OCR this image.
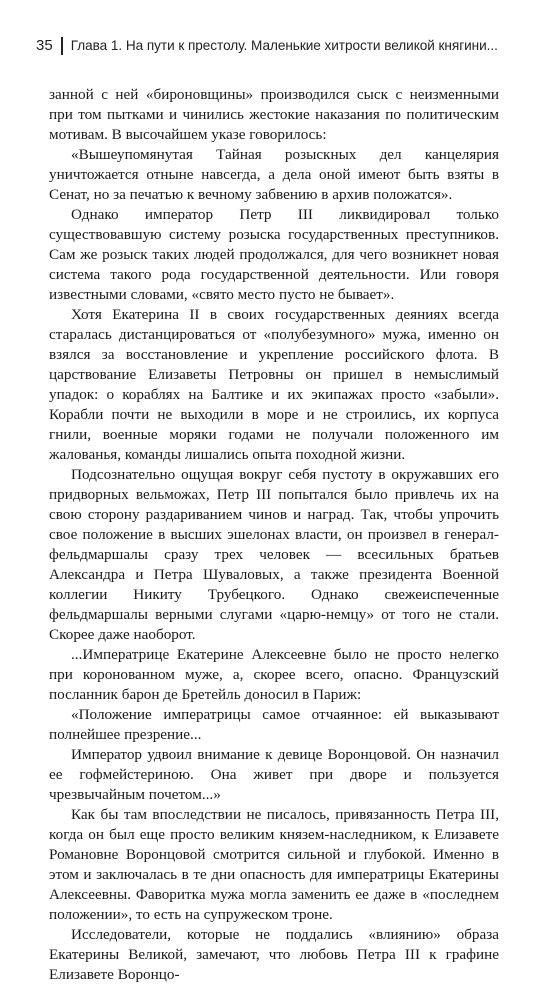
35 Глава 1. На пути к престолу. Маленькие хитрости великой княгини...

занной с ней «бироновщины» производился сыск с неизменными при том пытками и чинились жестокие наказания по политическим мотивам. В высочайшем указе говорилось:

«Вышеупомянутая Тайная розыскных дел канцелярия уничтожается отныне навсегда, а дела оной имеют быть взяты в Сенат, но за печатью к вечному забвению в архив положатся».

Однако император Петр III ликвидировал только существовавшую систему розыска государственных преступников. Сам же розыск таких людей продолжался, для чего возникнет новая система такого рода государственной деятельности. Или говоря известными словами, «свято место пусто не бывает».

Хотя Екатерина II в своих государственных деяниях всегда старалась дистанцироваться от «полубезумного» мужа, именно он взялся за восстановление и укрепление российского флота. В царствование Елизаветы Петровны он пришел в немыслимый упадок: о кораблях на Балтике и их экипажах просто «забыли». Корабли почти не выходили в море и не строились, их корпуса гнили, военные моряки годами не получали положенного им жалованья, команды лишались опыта походной жизни.

Подсознательно ощущая вокруг себя пустоту в окружавших его придворных вельможах, Петр III попытался было привлечь их на свою сторону раздариванием чинов и наград. Так, чтобы упрочить свое положение в высших эшелонах власти, он произвел в генерал-фельдмаршалы сразу трех человек — всесильных братьев Александра и Петра Шуваловых, а также президента Военной коллегии Никиту Трубецкого. Однако свежеиспеченные фельдмаршалы верными слугами «царю-немцу» от того не стали. Скорее даже наоборот.

...Императрице Екатерине Алексеевне было не просто нелегко при коронованном муже, а, скорее всего, опасно. Французский посланник барон де Бретейль доносил в Париж:

«Положение императрицы самое отчаянное: ей выказывают полнейшее презрение...

Император удвоил внимание к девице Воронцовой. Он назначил ее гофмейстериною. Она живет при дворе и пользуется чрезвычайным почетом...»

Как бы там впоследствии не писалось, привязанность Петра III, когда он был еще просто великим князем-наследником, к Елизавете Романовне Воронцовой смотрится сильной и глубокой. Именно в этом и заключалась в те дни опасность для императрицы Екатерины Алексеевны. Фаворитка мужа могла заменить ее даже в «последнем положении», то есть на супружеском троне.

Исследователи, которые не поддались «влиянию» образа Екатерины Великой, замечают, что любовь Петра III к графине Елизавете Воронцо-
